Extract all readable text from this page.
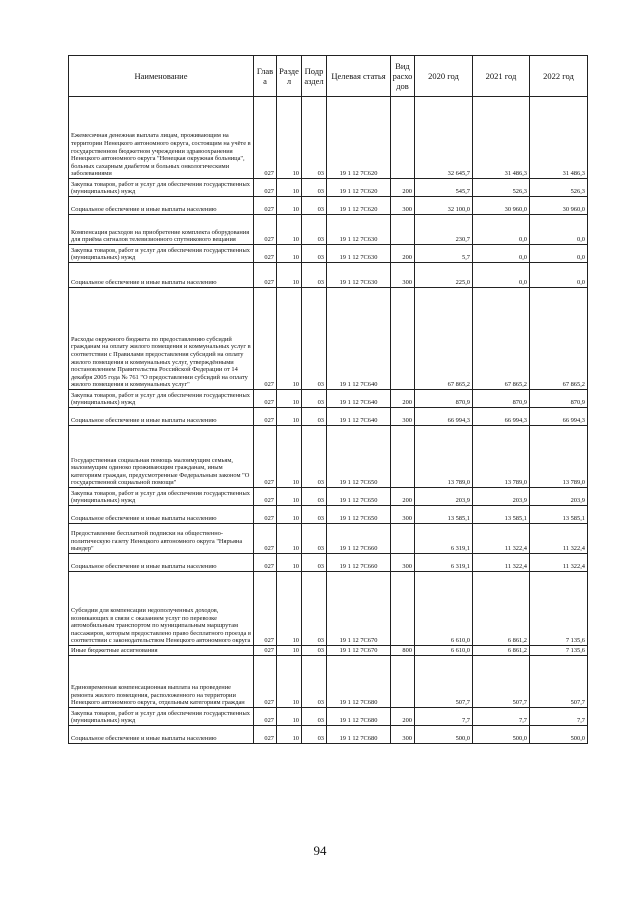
Наименование	Глав а	Разде л	Подр аздел	Целевая статья	Вид расхо дов	2020 год	2021 год	2022 год
Ежемесячная денежная выплата лицам, проживающим на территории Ненецкого автономного округа, состоящим на учёте в государственном бюджетном учреждении здравоохранения Ненецкого автономного округа "Ненецкая окружная больница", больных сахарным диабетом и больных онкологическими заболеваниями	027	10	03	19 1 12 7С620		32 645,7	31 486,3	31 486,3
Закупка товаров, работ и услуг для обеспечения государственных (муниципальных) нужд	027	10	03	19 1 12 7С620	200	545,7	526,3	526,3
Социальное обеспечение и иные выплаты населению	027	10	03	19 1 12 7С620	300	32 100,0	30 960,0	30 960,0
Компенсация расходов на приобретение комплекта оборудования для приёма сигналов телевизионного спутникового вещания	027	10	03	19 1 12 7С630		230,7	0,0	0,0
Закупка товаров, работ и услуг для обеспечения государственных (муниципальных) нужд	027	10	03	19 1 12 7С630	200	5,7	0,0	0,0
Социальное обеспечение и иные выплаты населению	027	10	03	19 1 12 7С630	300	225,0	0,0	0,0
Расходы окружного бюджета по предоставлению субсидий гражданам на оплату жилого помещения и коммунальных услуг в соответствии с Правилами предоставления субсидий на оплату жилого помещения и коммунальных услуг, утверждёнными постановлением Правительства Российской Федерации от 14 декабря 2005 года № 761 "О предоставлении субсидий на оплату жилого помещения и коммунальных услуг"	027	10	03	19 1 12 7С640		67 865,2	67 865,2	67 865,2
Закупка товаров, работ и услуг для обеспечения государственных (муниципальных) нужд	027	10	03	19 1 12 7С640	200	870,9	870,9	870,9
Социальное обеспечение и иные выплаты населению	027	10	03	19 1 12 7С640	300	66 994,3	66 994,3	66 994,3
Государственная социальная помощь малоимущим семьям, малоимущим одиноко проживающим гражданам, иным категориям граждан, предусмотренные Федеральным законом "О государственной социальной помощи"	027	10	03	19 1 12 7С650		13 789,0	13 789,0	13 789,0
Закупка товаров, работ и услуг для обеспечения государственных (муниципальных) нужд	027	10	03	19 1 12 7С650	200	203,9	203,9	203,9
Социальное обеспечение и иные выплаты населению	027	10	03	19 1 12 7С650	300	13 585,1	13 585,1	13 585,1
Предоставление бесплатной подписки на общественно-политическую газету Ненецкого автономного округа "Няръяна вындер"	027	10	03	19 1 12 7С660		6 319,1	11 322,4	11 322,4
Социальное обеспечение и иные выплаты населению	027	10	03	19 1 12 7С660	300	6 319,1	11 322,4	11 322,4
Субсидии для компенсации недополученных доходов, возникающих в связи с оказанием услуг по перевозке автомобильным транспортом по муниципальным маршрутам пассажиров, которым предоставлено право бесплатного проезда в соответствии с законодательством Ненецкого автономного округа	027	10	03	19 1 12 7С670		6 610,0	6 861,2	7 135,6
Иные бюджетные ассигнования	027	10	03	19 1 12 7С670	800	6 610,0	6 861,2	7 135,6
Единовременная компенсационная выплата на проведение ремонта жилого помещения, расположенного на территории Ненецкого автономного округа, отдельным категориям граждан	027	10	03	19 1 12 7С680		507,7	507,7	507,7
Закупка товаров, работ и услуг для обеспечения государственных (муниципальных) нужд	027	10	03	19 1 12 7С680	200	7,7	7,7	7,7
Социальное обеспечение и иные выплаты населению	027	10	03	19 1 12 7С680	300	500,0	500,0	500,0
94
